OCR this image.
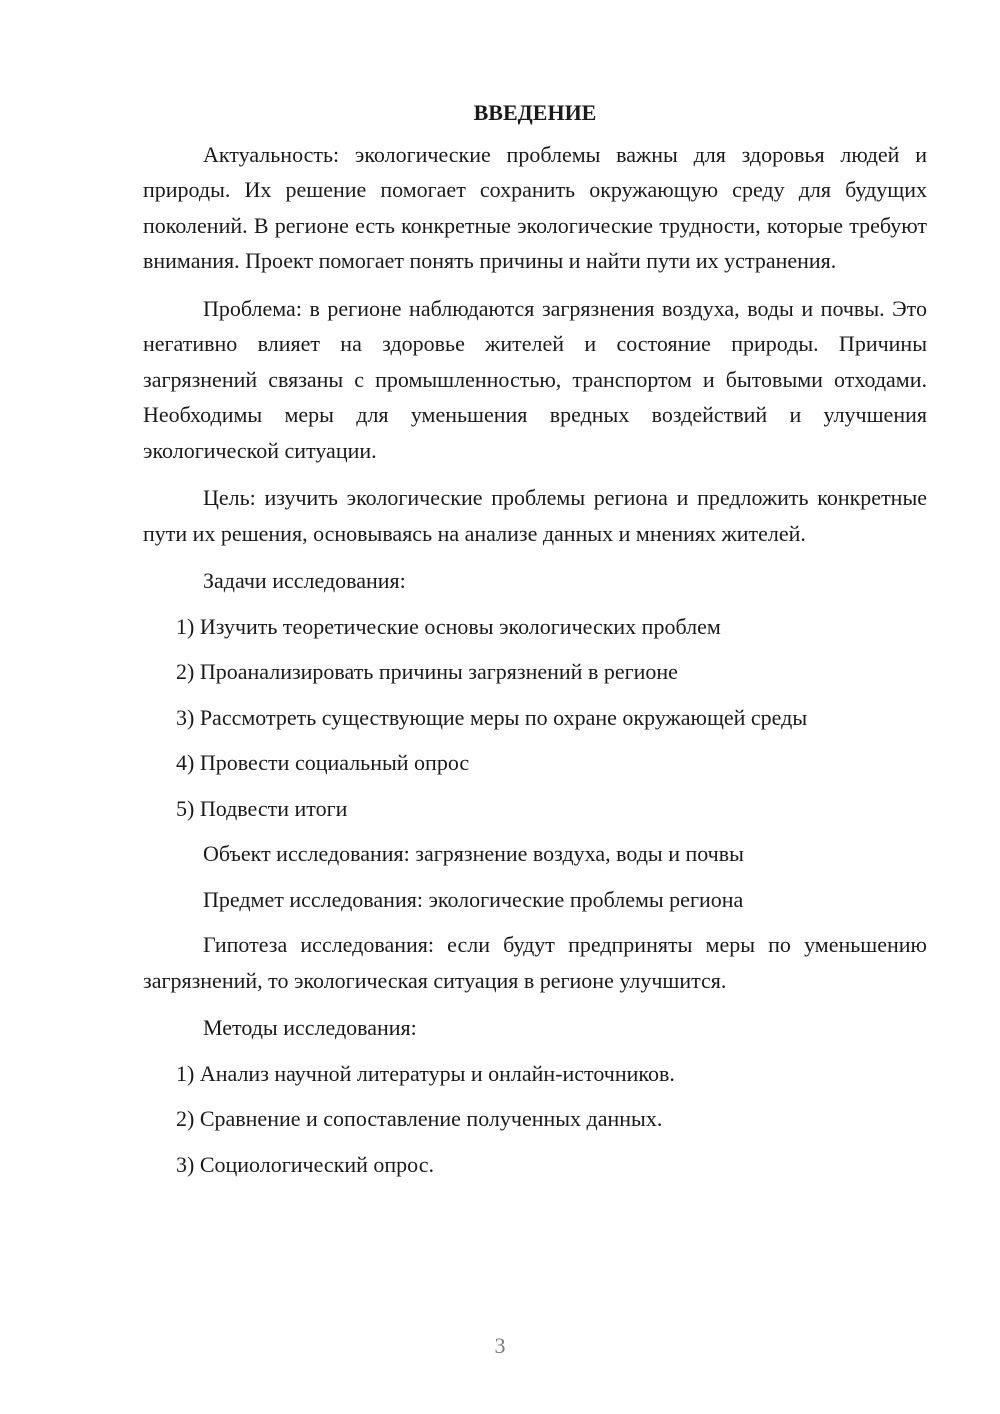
ВВЕДЕНИЕ

Актуальность: экологические проблемы важны для здоровья людей и природы. Их решение помогает сохранить окружающую среду для будущих поколений. В регионе есть конкретные экологические трудности, которые требуют внимания. Проект помогает понять причины и найти пути их устранения.

Проблема: в регионе наблюдаются загрязнения воздуха, воды и почвы. Это негативно влияет на здоровье жителей и состояние природы. Причины загрязнений связаны с промышленностью, транспортом и бытовыми отходами. Необходимы меры для уменьшения вредных воздействий и улучшения экологической ситуации.

Цель: изучить экологические проблемы региона и предложить конкретные пути их решения, основываясь на анализе данных и мнениях жителей.

Задачи исследования:
1) Изучить теоретические основы экологических проблем
2) Проанализировать причины загрязнений в регионе
3) Рассмотреть существующие меры по охране окружающей среды
4) Провести социальный опрос
5) Подвести итоги
Объект исследования: загрязнение воздуха, воды и почвы
Предмет исследования: экологические проблемы региона

Гипотеза исследования: если будут предприняты меры по уменьшению загрязнений, то экологическая ситуация в регионе улучшится.

Методы исследования:
1) Анализ научной литературы и онлайн-источников.
2) Сравнение и сопоставление полученных данных.
3) Социологический опрос.
3
